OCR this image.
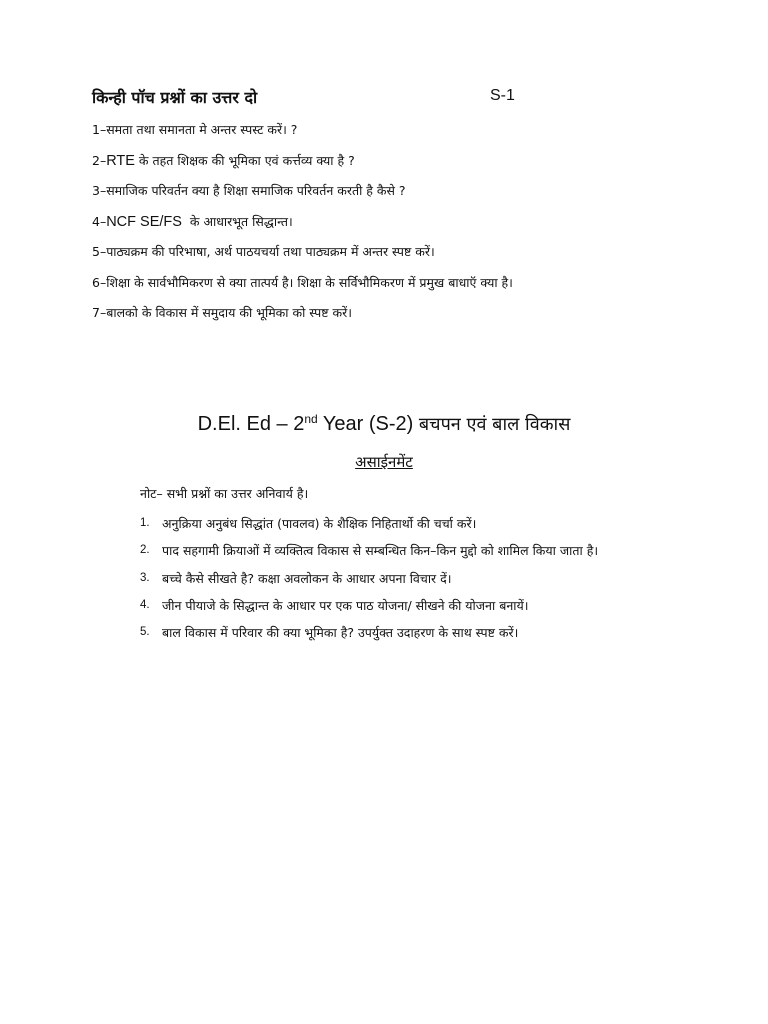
किन्ही पॉच प्रश्नों का उत्तर दो	S-1
1–समता तथा समानता मे अन्तर स्पस्ट करें। ?
2–RTE के तहत शिक्षक की भूमिका एवं कर्त्तव्य क्या है ?
3–समाजिक परिवर्तन क्या है शिक्षा समाजिक परिवर्तन करती है कैसे ?
4–NCF SE/FS  के आधारभूत सिद्धान्त।
5–पाठ्यक्रम की परिभाषा, अर्थ पाठयचर्या तथा पाठ्यक्रम में अन्तर स्पष्ट करें।
6–शिक्षा के सार्वभौमिकरण से क्या तात्पर्य है। शिक्षा के सर्विभौमिकरण में प्रमुख बाधाऍ क्या है।
7–बालको के विकास में समुदाय की भूमिका को स्पष्ट करें।
D.El. Ed – 2nd Year (S-2) बचपन एवं बाल विकास
असाईनमेंट
नोट– सभी प्रश्नों का उत्तर अनिवार्य है।
1. अनुक्रिया अनुबंध सिद्धांत (पावलव) के शैक्षिक निहितार्थो की चर्चा करें।
2. पाद सहगामी क्रियाओं में व्यक्तित्व विकास से सम्बन्धित किन–किन मुद्दो को शामिल किया जाता है।
3. बच्चे कैसे सीखते है? कक्षा अवलोकन के आधार अपना विचार दें।
4. जीन पीयाजे के सिद्धान्त के आधार पर एक पाठ योजना/ सीखने की योजना बनायें।
5. बाल विकास में परिवार की क्या भूमिका है? उपर्युक्त उदाहरण के साथ स्पष्ट करें।
